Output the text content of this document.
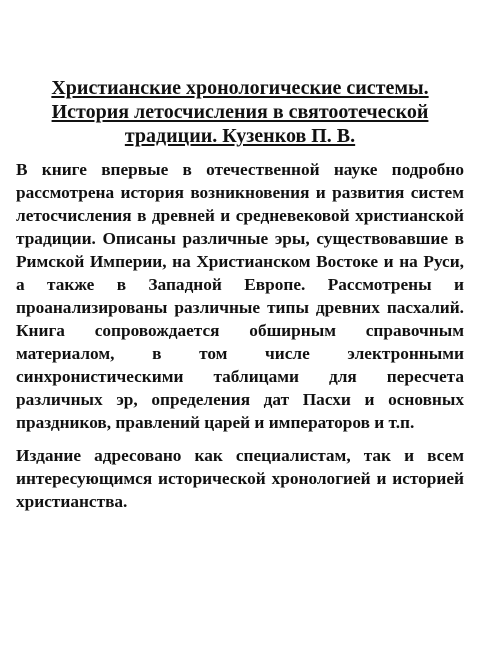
Христианские хронологические системы. История летосчисления в святоотеческой традиции. Кузенков П. В.

В книге впервые в отечественной науке подробно рассмотрена история возникновения и развития систем летосчисления в древней и средневековой христианской традиции. Описаны различные эры, существовавшие в Римской Империи, на Христианском Востоке и на Руси, а также в Западной Европе. Рассмотрены и проанализированы различные типы древних пасхалий. Книга сопровождается обширным справочным материалом, в том числе электронными синхронистическими таблицами для пересчета различных эр, определения дат Пасхи и основных праздников, правлений царей и императоров и т.п.

Издание адресовано как специалистам, так и всем интересующимся исторической хронологией и историей христианства.
